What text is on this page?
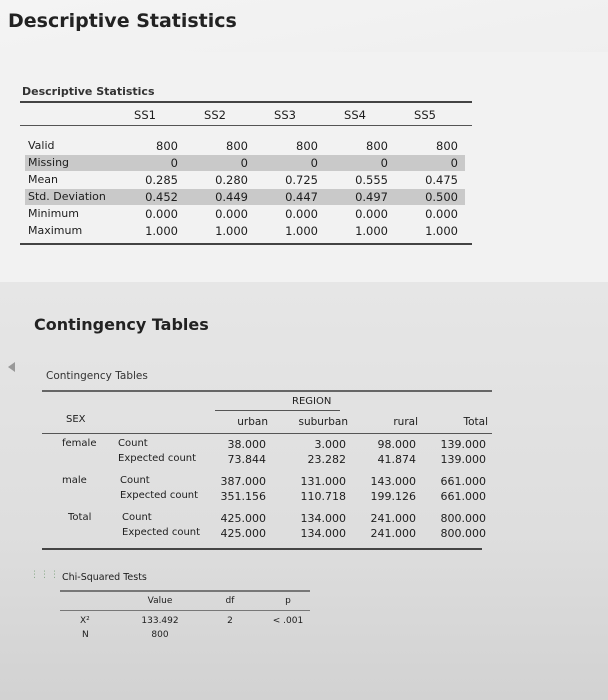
Descriptive Statistics
Descriptive Statistics
SS1	SS2	SS3	SS4	SS5
Valid	800	800	800	800	800
Missing	0	0	0	0	0
Mean	0.285	0.280	0.725	0.555	0.475
Std. Deviation	0.452	0.449	0.447	0.497	0.500
Minimum	0.000	0.000	0.000	0.000	0.000
Maximum	1.000	1.000	1.000	1.000	1.000
Contingency Tables
Contingency Tables
REGION
SEX	urban	suburban	rural	Total
female Count	38.000	3.000	98.000	139.000
Expected count	73.844	23.282	41.874	139.000
male	Count	387.000	131.000	143.000	661.000
Expected count	351.156	110.718	199.126	661.000
Total	Count	425.000	134.000	241.000	800.000
Expected count	425.000	134.000	241.000	800.000
⋮⋮⋮ Chi-Squared Tests
Value	df	p
X²	133.492	2	< .001
N	800
